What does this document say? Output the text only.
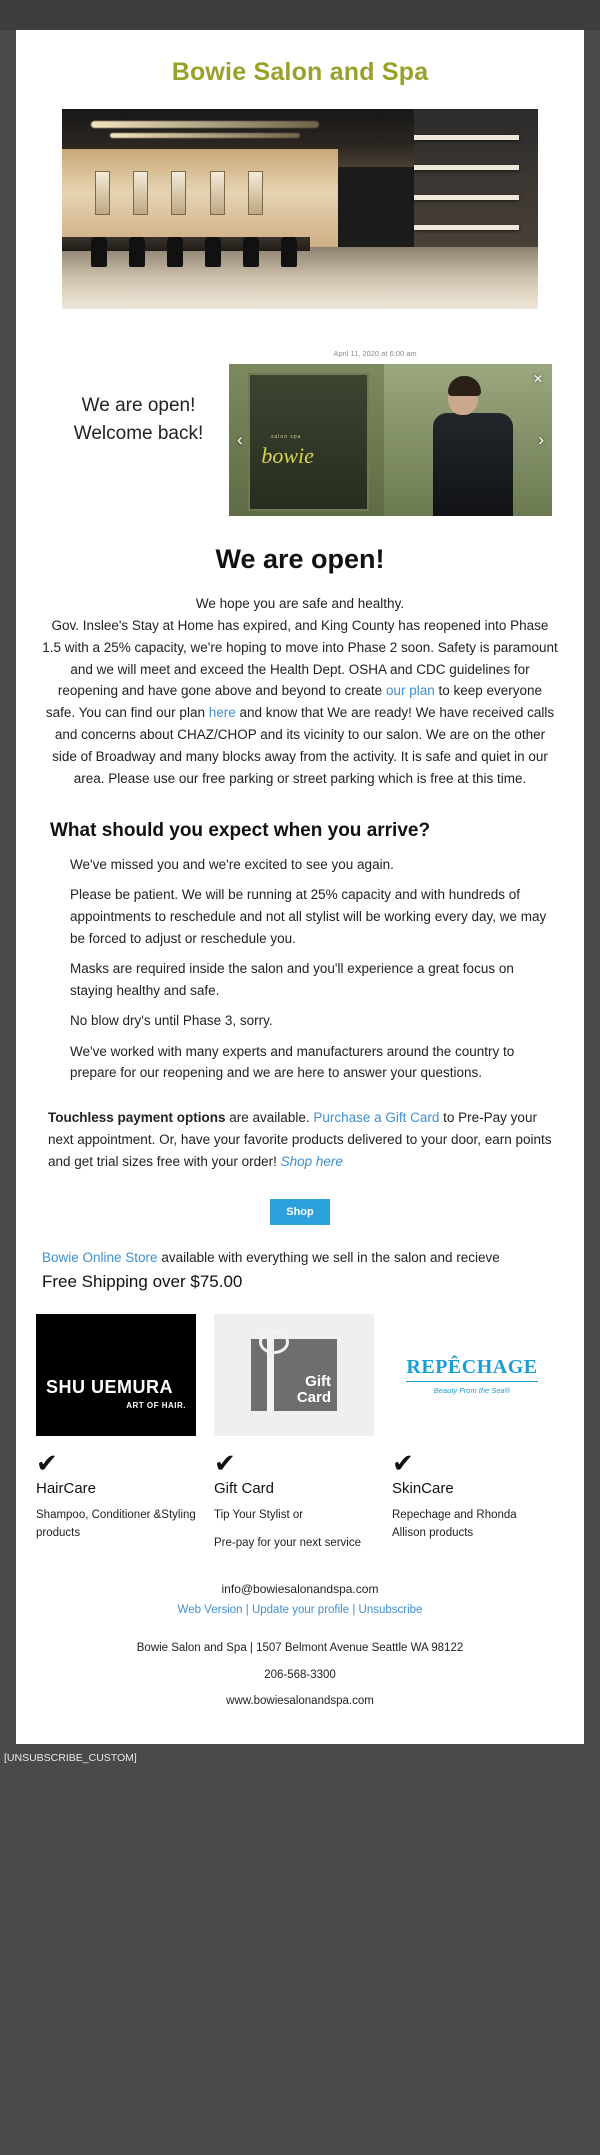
Bowie Salon and Spa
April 11, 2020 at 6:00 am
We are open!
Welcome back!	salon spa
bowie
‹	›
✕
We are open!
We hope you are safe and healthy.
Gov. Inslee's Stay at Home has expired, and King County has reopened into Phase 1.5 with a 25% capacity, we're hoping to move into Phase 2 soon. Safety is paramount and we will meet and exceed the Health Dept. OSHA and CDC guidelines for reopening and have gone above and beyond to create our plan to keep everyone safe. You can find our plan here and know that We are ready! We have received calls and concerns about CHAZ/CHOP and its vicinity to our salon. We are on the other side of Broadway and many blocks away from the activity. It is safe and quiet in our area. Please use our free parking or street parking which is free at this time.
What should you expect when you arrive?

We've missed you and we're excited to see you again.

Please be patient. We will be running at 25% capacity and with hundreds of appointments to reschedule and not all stylist will be working every day, we may be forced to adjust or reschedule you.

Masks are required inside the salon and you'll experience a great focus on staying healthy and safe.

No blow dry's until Phase 3, sorry.

We've worked with many experts and manufacturers around the country to prepare for our reopening and we are here to answer your questions.

Touchless payment options are available. Purchase a Gift Card to Pre-Pay your next appointment. Or, have your favorite products delivered to your door, earn points and get trial sizes free with your order! Shop here
Shop
Bowie Online Store available with everything we sell in the salon and recieve
Free Shipping over $75.00
SHU UEMURA
ART OF HAIR.
✔
HairCare
Shampoo, Conditioner &Styling products
Gift
Card
✔
Gift Card
Tip Your Stylist or
Pre-pay for your next service
REPÊCHAGE
Beauty From the Sea®
✔
SkinCare
Repechage and Rhonda Allison products
info@bowiesalonandspa.com
Web Version | Update your profile | Unsubscribe
Bowie Salon and Spa | 1507 Belmont Avenue Seattle WA 98122
206-568-3300
www.bowiesalonandspa.com
[UNSUBSCRIBE_CUSTOM]
